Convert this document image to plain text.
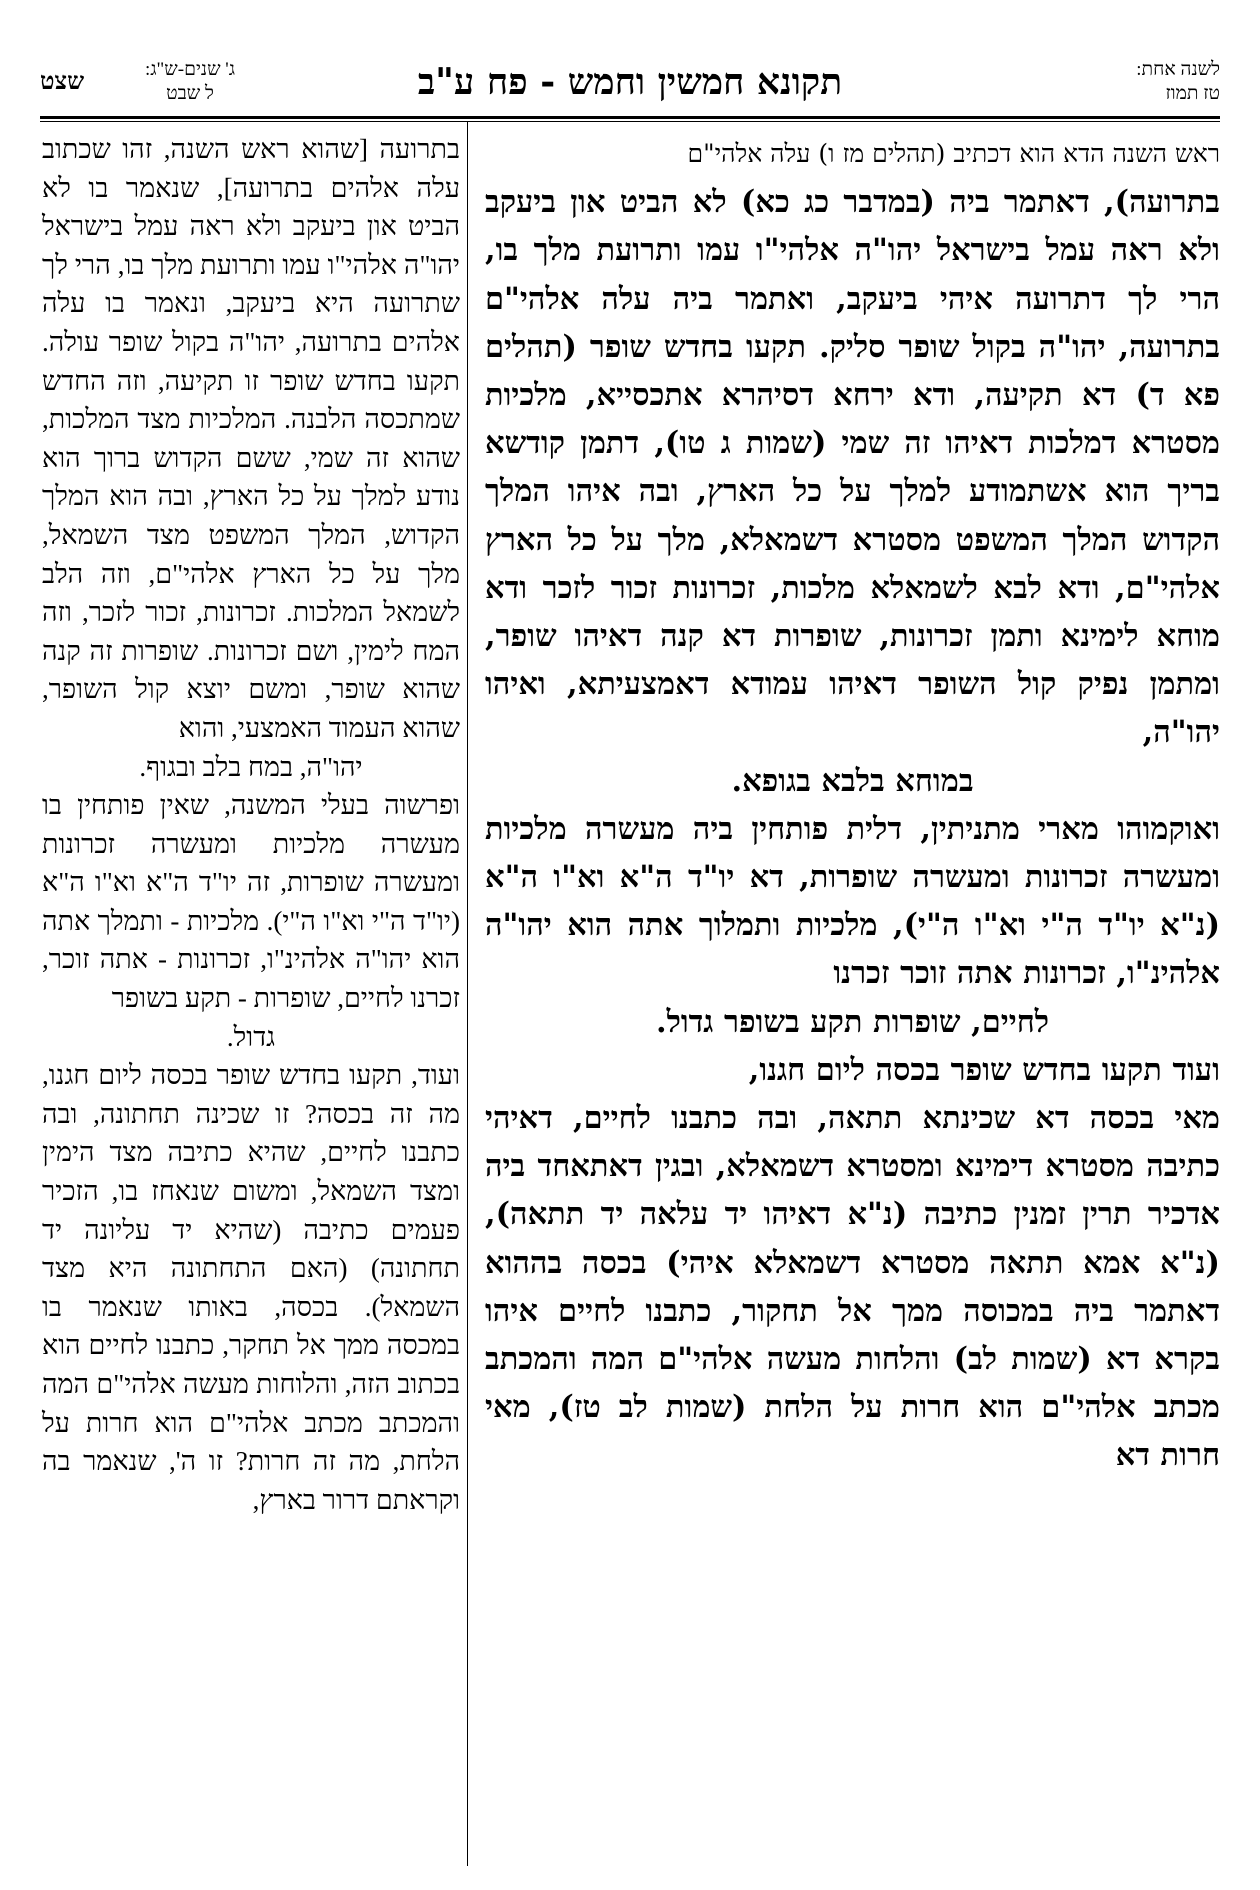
לשנה אחת:
טז תמוז
תקונא חמשין וחמש - פח ע"ב
ג' שנים-ש"ג:
ל שבט
שצט

ראש השנה הדא הוא דכתיב (תהלים מז ו) עלה אלהי"ם

בתרועה), דאתמר ביה (במדבר כג כא) לא הביט און ביעקב ולא ראה עמל בישראל יהו"ה אלהי"ו עמו ותרועת מלך בו, הרי לך דתרועה איהי ביעקב, ואתמר ביה עלה אלהי"ם בתרועה, יהו"ה בקול שופר סליק. תקעו בחדש שופר (תהלים פא ד) דא תקיעה, ודא ירחא דסיהרא אתכסייא, מלכיות מסטרא דמלכות דאיהו זה שמי (שמות ג טו), דתמן קודשא בריך הוא אשתמודע למלך על כל הארץ, ובה איהו המלך הקדוש המלך המשפט מסטרא דשמאלא, מלך על כל הארץ אלהי"ם, ודא לבא לשמאלא מלכות, זכרונות זכור לזכר ודא מוחא לימינא ותמן זכרונות, שופרות דא קנה דאיהו שופר, ומתמן נפיק קול השופר דאיהו עמודא דאמצעיתא, ואיהו יהו"ה,

במוחא בלבא בגופא.

ואוקמוהו מארי מתניתין, דלית פותחין ביה מעשרה מלכיות ומעשרה זכרונות ומעשרה שופרות, דא יו"ד ה"א וא"ו ה"א (נ"א יו"ד ה"י וא"ו ה"י), מלכיות ותמלוך אתה הוא יהו"ה אלהינ"ו, זכרונות אתה זוכר זכרנו

לחיים, שופרות תקע בשופר גדול.

ועוד תקעו בחדש שופר בכסה ליום חגנו,

מאי בכסה דא שכינתא תתאה, ובה כתבנו לחיים, דאיהי כתיבה מסטרא דימינא ומסטרא דשמאלא, ובגין דאתאחד ביה אדכיר תרין זמנין כתיבה (נ"א דאיהו יד עלאה יד תתאה), (נ"א אמא תתאה מסטרא דשמאלא איהי) בכסה בההוא דאתמר ביה במכוסה ממך אל תחקור, כתבנו לחיים איהו בקרא דא (שמות לב) והלחות מעשה אלהי"ם המה והמכתב מכתב אלהי"ם הוא חרות על הלחת (שמות לב טז), מאי חרות דא

בתרועה [שהוא ראש השנה, זהו שכתוב עלה אלהים בתרועה], שנאמר בו לא הביט און ביעקב ולא ראה עמל בישראל יהו"ה אלהי"ו עמו ותרועת מלך בו, הרי לך שתרועה היא ביעקב, ונאמר בו עלה אלהים בתרועה, יהו"ה בקול שופר עולה. תקעו בחדש שופר זו תקיעה, וזה החדש שמתכסה הלבנה. המלכיות מצד המלכות, שהוא זה שמי, ששם הקדוש ברוך הוא נודע למלך על כל הארץ, ובה הוא המלך הקדוש, המלך המשפט מצד השמאל, מלך על כל הארץ אלהי"ם, וזה הלב לשמאל המלכות. זכרונות, זכור לזכר, וזה המח לימין, ושם זכרונות. שופרות זה קנה שהוא שופר, ומשם יוצא קול השופר, שהוא העמוד האמצעי, והוא

יהו"ה, במח בלב ובגוף.

ופרשוה בעלי המשנה, שאין פותחין בו מעשרה מלכיות ומעשרה זכרונות ומעשרה שופרות, זה יו"ד ה"א וא"ו ה"א (יו"ד ה"י וא"ו ה"י). מלכיות - ותמלך אתה הוא יהו"ה אלהינ"ו, זכרונות - אתה זוכר, זכרנו לחיים, שופרות - תקע בשופר

גדול.

ועוד, תקעו בחדש שופר בכסה ליום חגנו, מה זה בכסה? זו שכינה תחתונה, ובה כתבנו לחיים, שהיא כתיבה מצד הימין ומצד השמאל, ומשום שנאחז בו, הזכיר פעמים כתיבה (שהיא יד עליונה יד תחתונה) (האם התחתונה היא מצד השמאל). בכסה, באותו שנאמר בו במכסה ממך אל תחקר, כתבנו לחיים הוא בכתוב הזה, והלוחות מעשה אלהי"ם המה והמכתב מכתב אלהי"ם הוא חרות על הלחת, מה זה חרות? זו ה', שנאמר בה וקראתם דרור בארץ,
